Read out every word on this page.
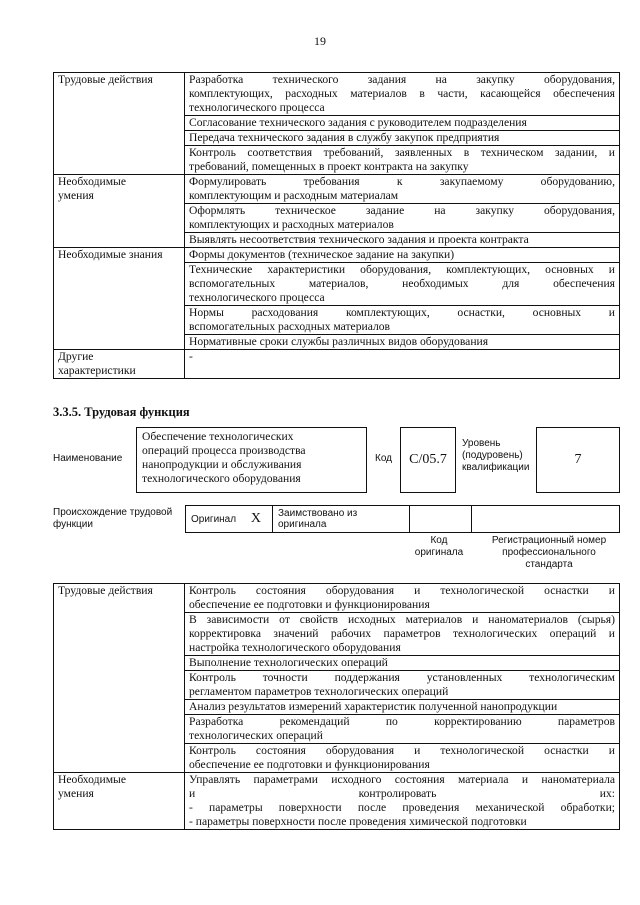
19
Трудовые действия	Разработка технического задания на закупку оборудования,
комплектующих, расходных материалов в части, касающейся обеспечения
технологического процесса

	Согласование технического задания с руководителем подразделения

	Передача технического задания в службу закупок предприятия

	Контроль соответствия требований, заявленных в техническом задании, и
требований, помещенных в проект контракта на закупку

Необходимые
умения	Формулировать требования к закупаемому оборудованию,
комплектующим и расходным материалам

	Оформлять техническое задание на закупку оборудования,
комплектующих и расходных материалов

	Выявлять несоответствия технического задания и проекта контракта

Необходимые знания	Формы документов (техническое задание на закупки)

	Технические характеристики оборудования, комплектующих, основных и
вспомогательных материалов, необходимых для обеспечения
технологического процесса

	Нормы расходования комплектующих, оснастки, основных и
вспомогательных расходных материалов

	Нормативные сроки службы различных видов оборудования

Другие
характеристики	-
3.3.5. Трудовая функция
Наименование
Обеспечение технологических
операций процесса производства
нанопродукции и обслуживания
технологического оборудования
Код C/05.7
Уровень
(подуровень)
квалификации
7
Происхождение трудовой
функции	Оригинал X	Заимствовано из оригинала
Код
оригинала
Регистрационный номер
профессионального
стандарта
Трудовые действия	Контроль состояния оборудования и технологической оснастки и
обеспечение ее подготовки и функционирования

	В зависимости от свойств исходных материалов и наноматериалов (сырья)
корректировка значений рабочих параметров технологических операций и
настройка технологического оборудования

	Выполнение технологических операций

	Контроль точности поддержания установленных технологическим
регламентом параметров технологических операций

	Анализ результатов измерений характеристик полученной нанопродукции

	Разработка рекомендаций по корректированию параметров
технологических операций

	Контроль состояния оборудования и технологической оснастки и
обеспечение ее подготовки и функционирования

Необходимые
умения	Управлять параметрами исходного состояния материала и наноматериала
и контролировать их:
- параметры поверхности после проведения механической обработки;
- параметры поверхности после проведения химической подготовки
